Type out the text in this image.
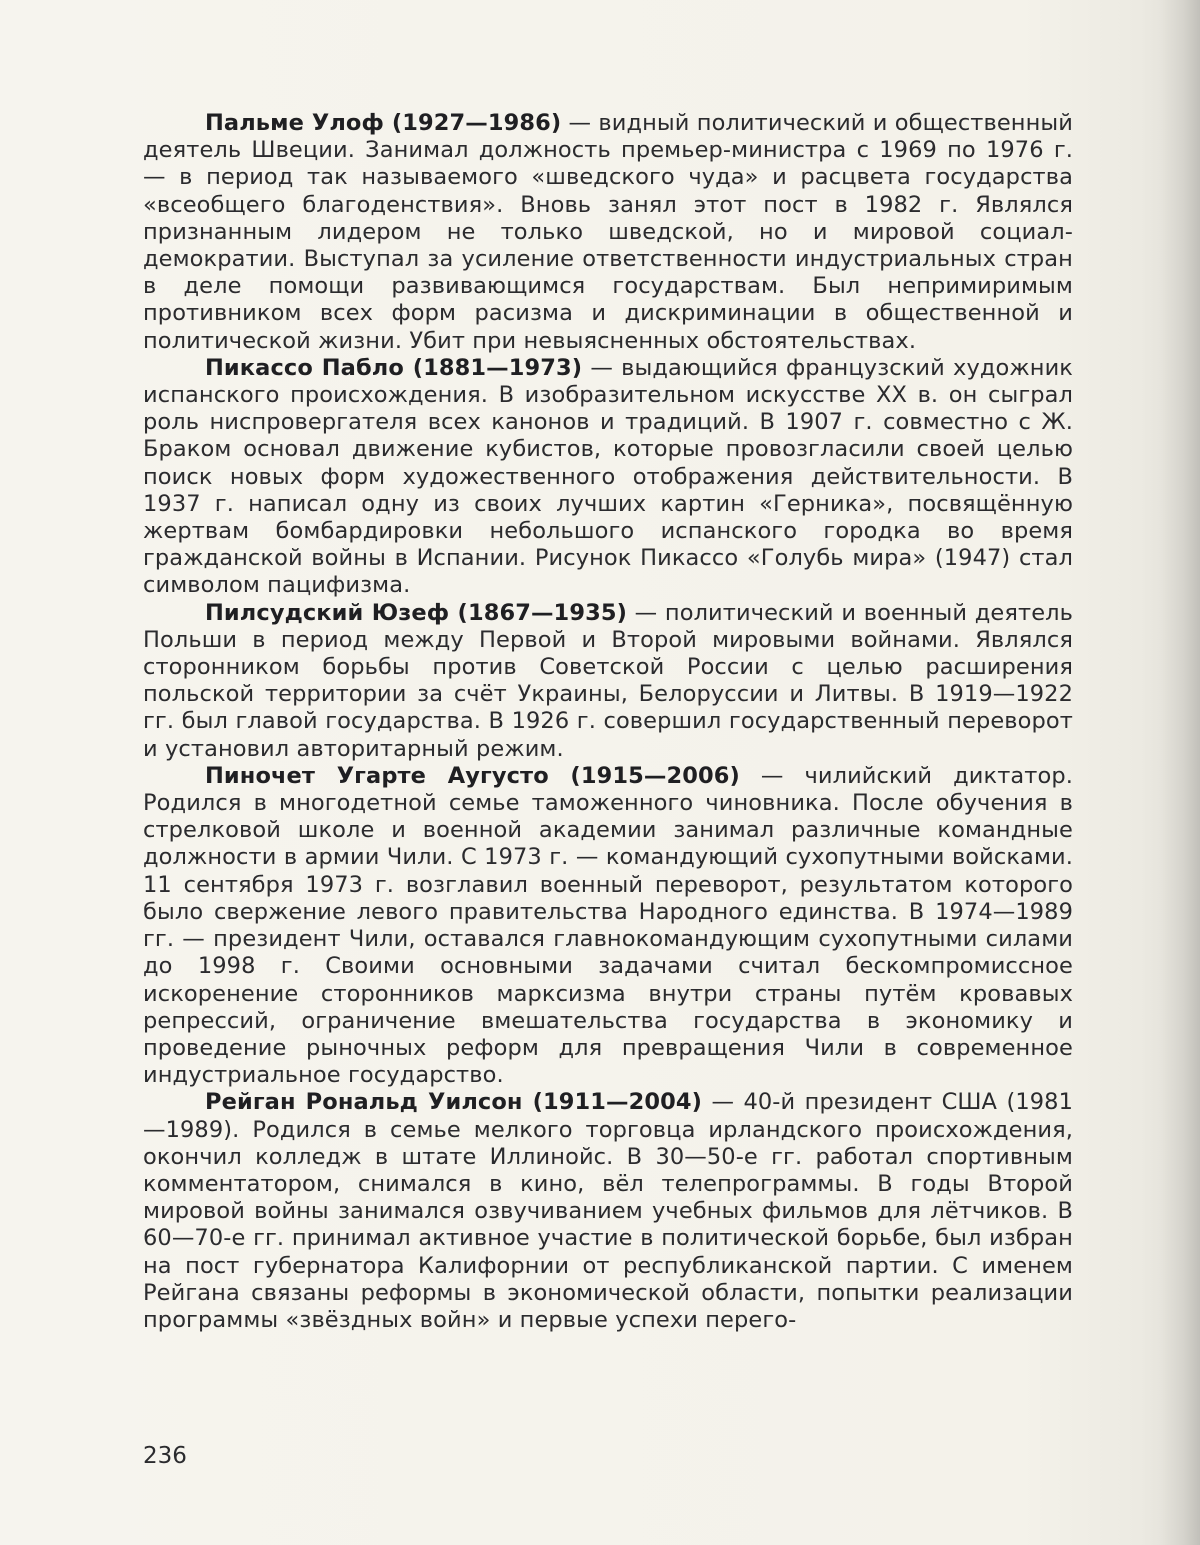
Пальме Улоф (1927—1986) — видный политический и общественный деятель Швеции. Занимал должность премьер-министра с 1969 по 1976 г. — в период так называемого «шведского чуда» и расцвета государства «всеобщего благоденствия». Вновь занял этот пост в 1982 г. Являлся признанным лидером не только шведской, но и мировой социал-демократии. Выступал за усиление ответственности индустриальных стран в деле помощи развивающимся государствам. Был непримиримым противником всех форм расизма и дискриминации в общественной и политической жизни. Убит при невыясненных обстоятельствах.

Пикассо Пабло (1881—1973) — выдающийся французский художник испанского происхождения. В изобразительном искусстве XX в. он сыграл роль ниспровергателя всех канонов и традиций. В 1907 г. совместно с Ж. Браком основал движение кубистов, которые провозгласили своей целью поиск новых форм художественного отображения действительности. В 1937 г. написал одну из своих лучших картин «Герника», посвящённую жертвам бомбардировки небольшого испанского городка во время гражданской войны в Испании. Рисунок Пикассо «Голубь мира» (1947) стал символом пацифизма.

Пилсудский Юзеф (1867—1935) — политический и военный деятель Польши в период между Первой и Второй мировыми войнами. Являлся сторонником борьбы против Советской России с целью расширения польской территории за счёт Украины, Белоруссии и Литвы. В 1919—1922 гг. был главой государства. В 1926 г. совершил государственный переворот и установил авторитарный режим.

Пиночет Угарте Аугусто (1915—2006) — чилийский диктатор. Родился в многодетной семье таможенного чиновника. После обучения в стрелковой школе и военной академии занимал различные командные должности в армии Чили. С 1973 г. — командующий сухопутными войсками. 11 сентября 1973 г. возглавил военный переворот, результатом которого было свержение левого правительства Народного единства. В 1974—1989 гг. — президент Чили, оставался главнокомандующим сухопутными силами до 1998 г. Своими основными задачами считал бескомпромиссное искоренение сторонников марксизма внутри страны путём кровавых репрессий, ограничение вмешательства государства в экономику и проведение рыночных реформ для превращения Чили в современное индустриальное государство.

Рейган Рональд Уилсон (1911—2004) — 40-й президент США (1981—1989). Родился в семье мелкого торговца ирландского происхождения, окончил колледж в штате Иллинойс. В 30—50-е гг. работал спортивным комментатором, снимался в кино, вёл телепрограммы. В годы Второй мировой войны занимался озвучиванием учебных фильмов для лётчиков. В 60—70-е гг. принимал активное участие в политической борьбе, был избран на пост губернатора Калифорнии от республиканской партии. С именем Рейгана связаны реформы в экономической области, попытки реализации программы «звёздных войн» и первые успехи перего-

236
